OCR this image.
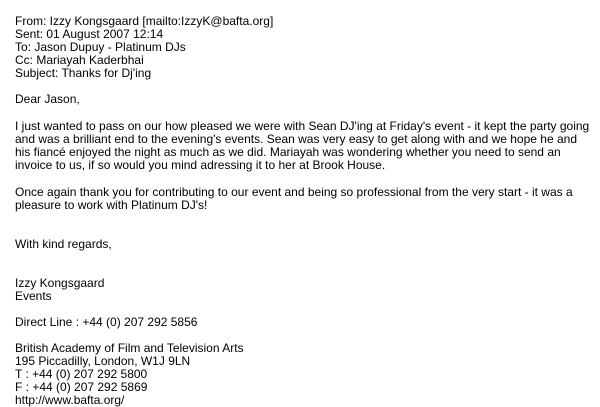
From: Izzy Kongsgaard [mailto:IzzyK@bafta.org]
Sent: 01 August 2007 12:14
To: Jason Dupuy - Platinum DJs
Cc: Mariayah Kaderbhai
Subject: Thanks for Dj'ing

Dear Jason,

I just wanted to pass on our how pleased we were with Sean DJ'ing at Friday's event - it kept the party going and was a brilliant end to the evening's events. Sean was very easy to get along with and we hope he and his fiancé enjoyed the night as much as we did. Mariayah was wondering whether you need to send an invoice to us, if so would you mind adressing it to her at Brook House.

Once again thank you for contributing to our event and being so professional from the very start - it was a pleasure to work with Platinum DJ's!

With kind regards,

Izzy Kongsgaard
Events
Direct Line : +44 (0) 207 292 5856
British Academy of Film and Television Arts
195 Piccadilly, London, W1J 9LN
T : +44 (0) 207 292 5800
F : +44 (0) 207 292 5869
http://www.bafta.org/
